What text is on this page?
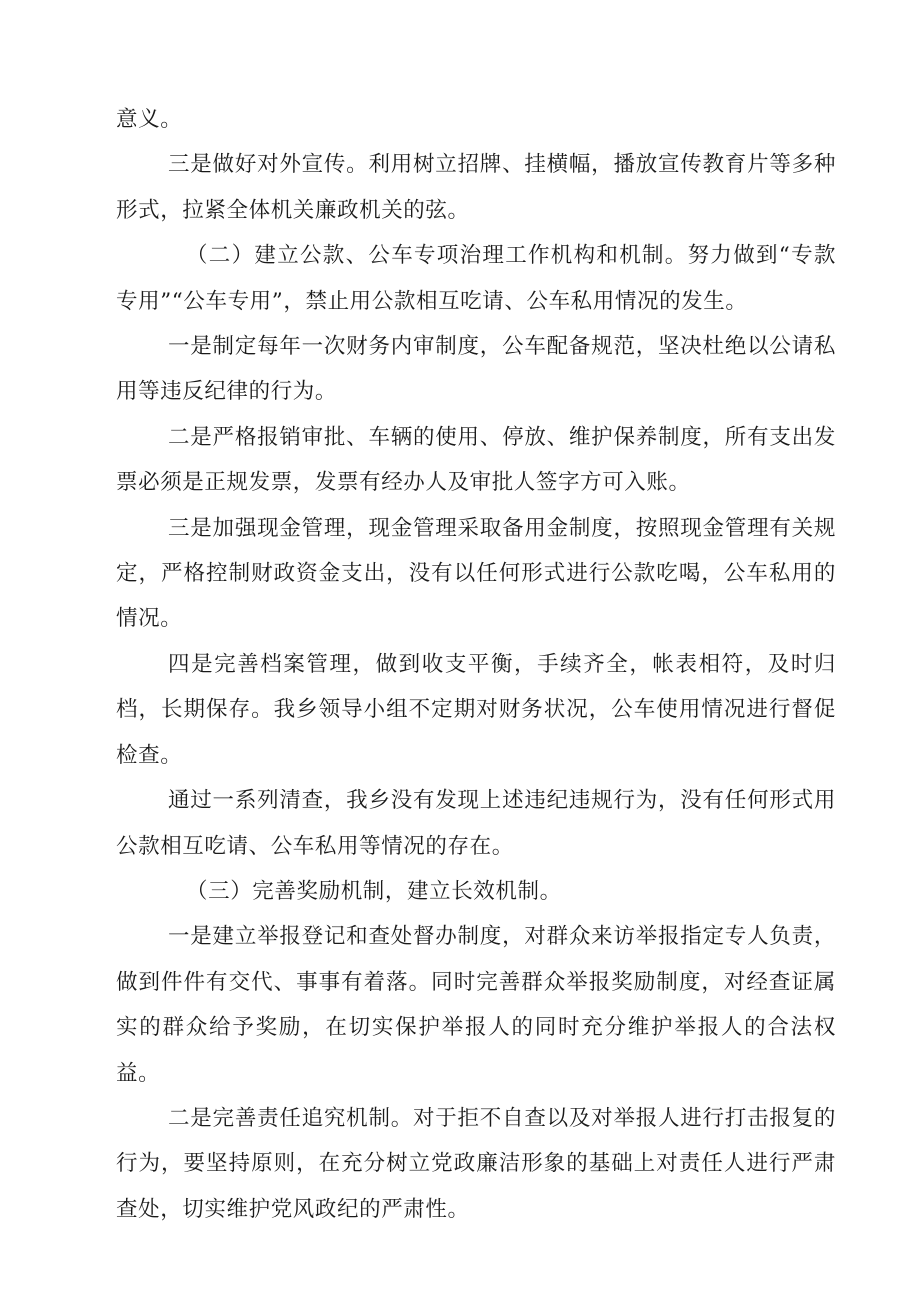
意义。

三是做好对外宣传。利用树立招牌、挂横幅，播放宣传教育片等多种形式，拉紧全体机关廉政机关的弦。

（二）建立公款、公车专项治理工作机构和机制。努力做到“专款专用”“公车专用”，禁止用公款相互吃请、公车私用情况的发生。

一是制定每年一次财务内审制度，公车配备规范，坚决杜绝以公请私用等违反纪律的行为。

二是严格报销审批、车辆的使用、停放、维护保养制度，所有支出发票必须是正规发票，发票有经办人及审批人签字方可入账。

三是加强现金管理，现金管理采取备用金制度，按照现金管理有关规定，严格控制财政资金支出，没有以任何形式进行公款吃喝，公车私用的情况。

四是完善档案管理，做到收支平衡，手续齐全，帐表相符，及时归档，长期保存。我乡领导小组不定期对财务状况，公车使用情况进行督促检查。

通过一系列清查，我乡没有发现上述违纪违规行为，没有任何形式用公款相互吃请、公车私用等情况的存在。

（三）完善奖励机制，建立长效机制。

一是建立举报登记和查处督办制度，对群众来访举报指定专人负责，做到件件有交代、事事有着落。同时完善群众举报奖励制度，对经查证属实的群众给予奖励，在切实保护举报人的同时充分维护举报人的合法权益。

二是完善责任追究机制。对于拒不自查以及对举报人进行打击报复的行为，要坚持原则，在充分树立党政廉洁形象的基础上对责任人进行严肃查处，切实维护党风政纪的严肃性。
